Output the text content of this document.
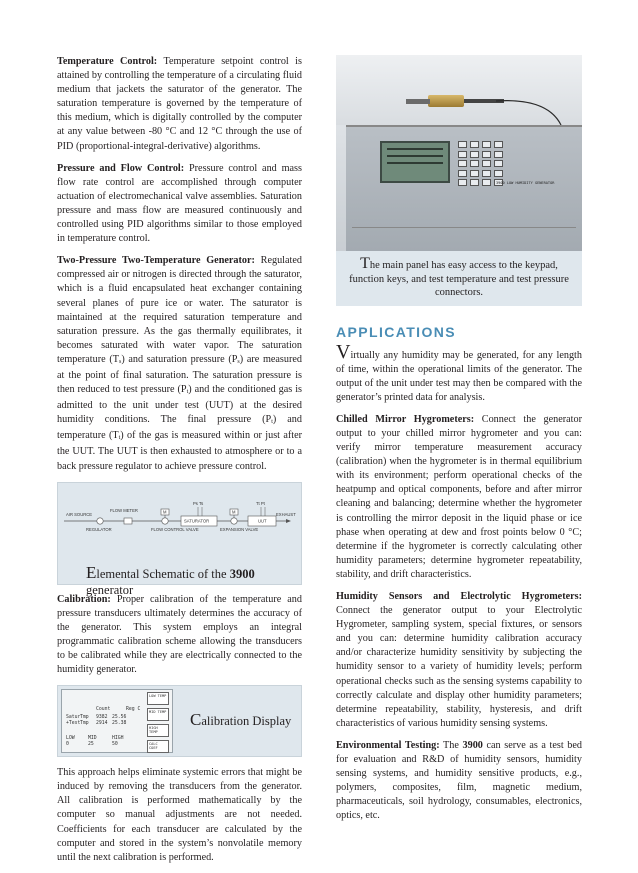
Temperature Control: Temperature setpoint control is attained by controlling the temperature of a circulating fluid medium that jackets the saturator of the generator. The saturation temperature is governed by the temperature of this medium, which is digitally controlled by the computer at any value between -80 °C and 12 °C through the use of PID (proportional-integral-derivative) algorithms.

Pressure and Flow Control: Pressure control and mass flow rate control are accomplished through computer actuation of electromechanical valve assemblies. Saturation pressure and mass flow are measured continuously and controlled using PID algorithms similar to those employed in temperature control.

Two-Pressure Two-Temperature Generator: Regulated compressed air or nitrogen is directed through the saturator, which is a fluid encapsulated heat exchanger containing several planes of pure ice or water. The saturator is maintained at the required saturation temperature and saturation pressure. As the gas thermally equilibrates, it becomes saturated with water vapor. The saturation temperature $(T_s)$ and saturation pressure $(P_s)$ are measured at the point of final saturation. The saturation pressure is then reduced to test pressure $(P_t)$ and the conditioned gas is admitted to the unit under test (UUT) at the desired humidity conditions. The final pressure $(P_t)$ and temperature $(T_t)$ of the gas is measured within or just after the UUT. The UUT is then exhausted to atmosphere or to a back pressure regulator to achieve pressure control.

AIR SOURCE
REGULATOR
FLOW METER
FLOW CONTROL VALVE
SATURATOR
EXPANSION VALVE
UUT
EXHAUST
Ps Ts	Tt Pt
M	M
Elemental Schematic of the 3900 generator

Calibration: Proper calibration of the temperature and pressure transducers ultimately determines the accuracy of the generator. This system employs an integral programmatic calibration scheme allowing the transducers to be calibrated while they are electrically connected to the humidity generator.

Count	Reg C
SaturTmp 9382 25.56
+TestTmp 2914 25.38
LOW	MID	HIGH
0	25	50
LOW TEMP
MID TEMP
HIGH TEMP
CALC COEF
Calibration Display

This approach helps eliminate systemic errors that might be induced by removing the transducers from the generator. All calibration is performed mathematically by the computer so manual adjustments are not needed. Coefficients for each transducer are calculated by the computer and stored in the system’s nonvolatile memory until the next calibration is performed.

3900 LOW HUMIDITY GENERATOR
The main panel has easy access to the keypad, function keys, and test temperature and test pressure connectors.
APPLICATIONS

Virtually any humidity may be generated, for any length of time, within the operational limits of the generator. The output of the unit under test may then be compared with the generator’s printed data for analysis.

Chilled Mirror Hygrometers: Connect the generator output to your chilled mirror hygrometer and you can: verify mirror temperature measurement accuracy (calibration) when the hygrometer is in thermal equilibrium with its environment; perform operational checks of the heatpump and optical components, before and after mirror cleaning and balancing; determine whether the hygrometer is controlling the mirror deposit in the liquid phase or ice phase when operating at dew and frost points below 0 °C; determine if the hygrometer is correctly calculating other humidity parameters; determine hygrometer repeatability, stability, and drift characteristics.

Humidity Sensors and Electrolytic Hygrometers: Connect the generator output to your Electrolytic Hygrometer, sampling system, special fixtures, or sensors and you can: determine humidity calibration accuracy and/or characterize humidity sensitivity by subjecting the humidity sensor to a variety of humidity levels; perform operational checks such as the sensing systems capability to correctly calculate and display other humidity parameters; determine repeatability, stability, hysteresis, and drift characteristics of various humidity sensing systems.

Environmental Testing: The 3900 can serve as a test bed for evaluation and R&D of humidity sensors, humidity sensing systems, and humidity sensitive products, e.g., polymers, composites, film, magnetic medium, pharmaceuticals, soil hydrology, consumables, electronics, optics, etc.
